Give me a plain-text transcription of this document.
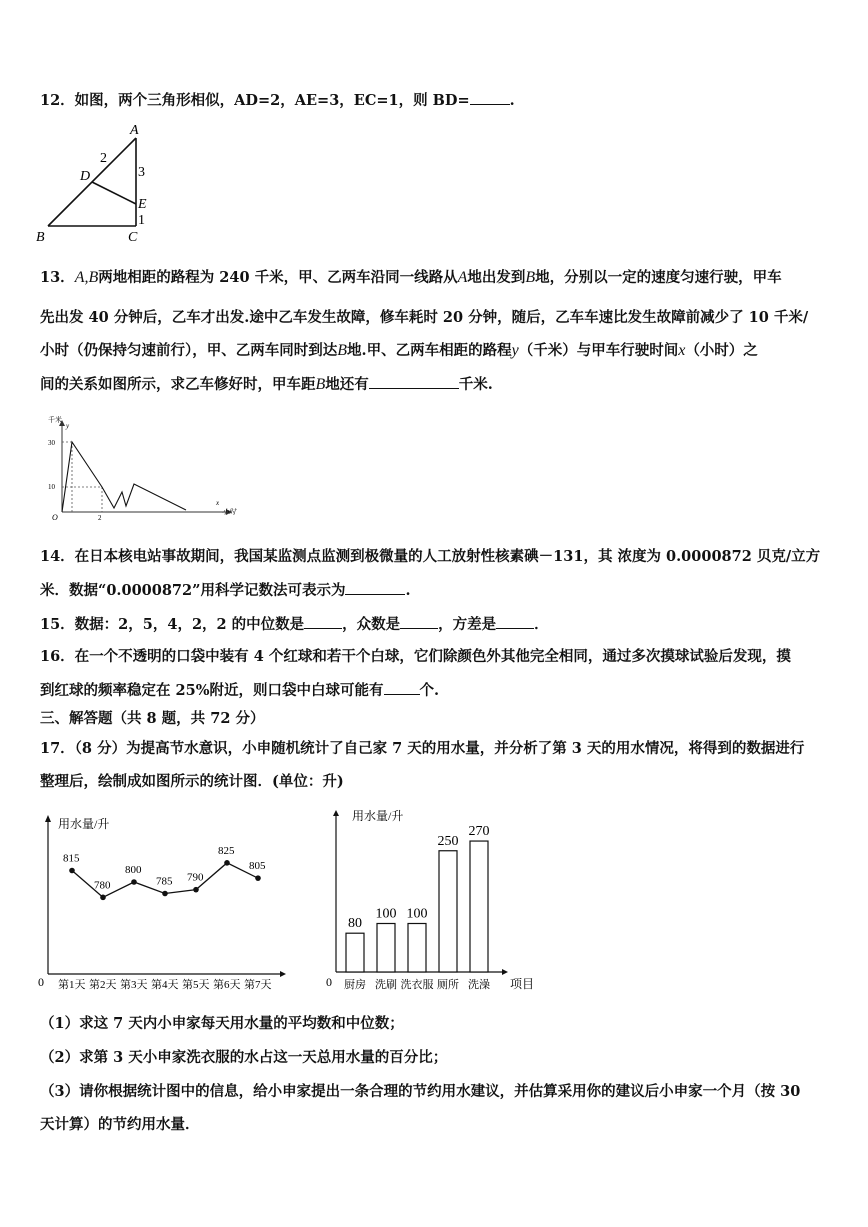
12．如图，两个三角形相似，AD=2，AE=3，EC=1，则 BD=	.
A
B	C
D
E
2
3
1
13．A,B两地相距的路程为 240 千米，甲、乙两车沿同一线路从A地出发到B地，分别以一定的速度匀速行驶，甲车
先出发 40 分钟后，乙车才出发.途中乙车发生故障，修车耗时 20 分钟，随后，乙车车速比发生故障前减少了 10 千米/
小时（仍保持匀速前行），甲、乙两车同时到达B地.甲、乙两车相距的路程y（千米）与甲车行驶时间x（小时）之
间的关系如图所示，求乙车修好时，甲车距B地还有	千米.
千米
y
x
小时
O
30
10
2
14．在日本核电站事故期间，我国某监测点监测到极微量的人工放射性核素碘－131，其 浓度为 0.0000872 贝克/立方
米．数据“0.0000872”用科学记数法可表示为	.
15．数据：2，5，4，2，2 的中位数是	，众数是	，方差是	．
16．在一个不透明的口袋中装有 4 个红球和若干个白球，它们除颜色外其他完全相同，通过多次摸球试验后发现，摸
到红球的频率稳定在 25%附近，则口袋中白球可能有 个.
三、解答题（共 8 题，共 72 分）
17．（8 分）为提高节水意识，小申随机统计了自己家 7 天的用水量，并分析了第 3 天的用水情况，将得到的数据进行
整理后，绘制成如图所示的统计图．(单位：升)
用水量/升
0
815
第1天
780
第2天
800
第3天
785
第4天
790
第5天
825
第6天
805
第7天
用水量/升
0	项目
80
厨房
100
洗刷
100
洗衣服
250
厕所
270
洗澡
（1）求这 7 天内小申家每天用水量的平均数和中位数；
（2）求第 3 天小申家洗衣服的水占这一天总用水量的百分比；
（3）请你根据统计图中的信息，给小申家提出一条合理的节约用水建议，并估算采用你的建议后小申家一个月（按 30
天计算）的节约用水量．
